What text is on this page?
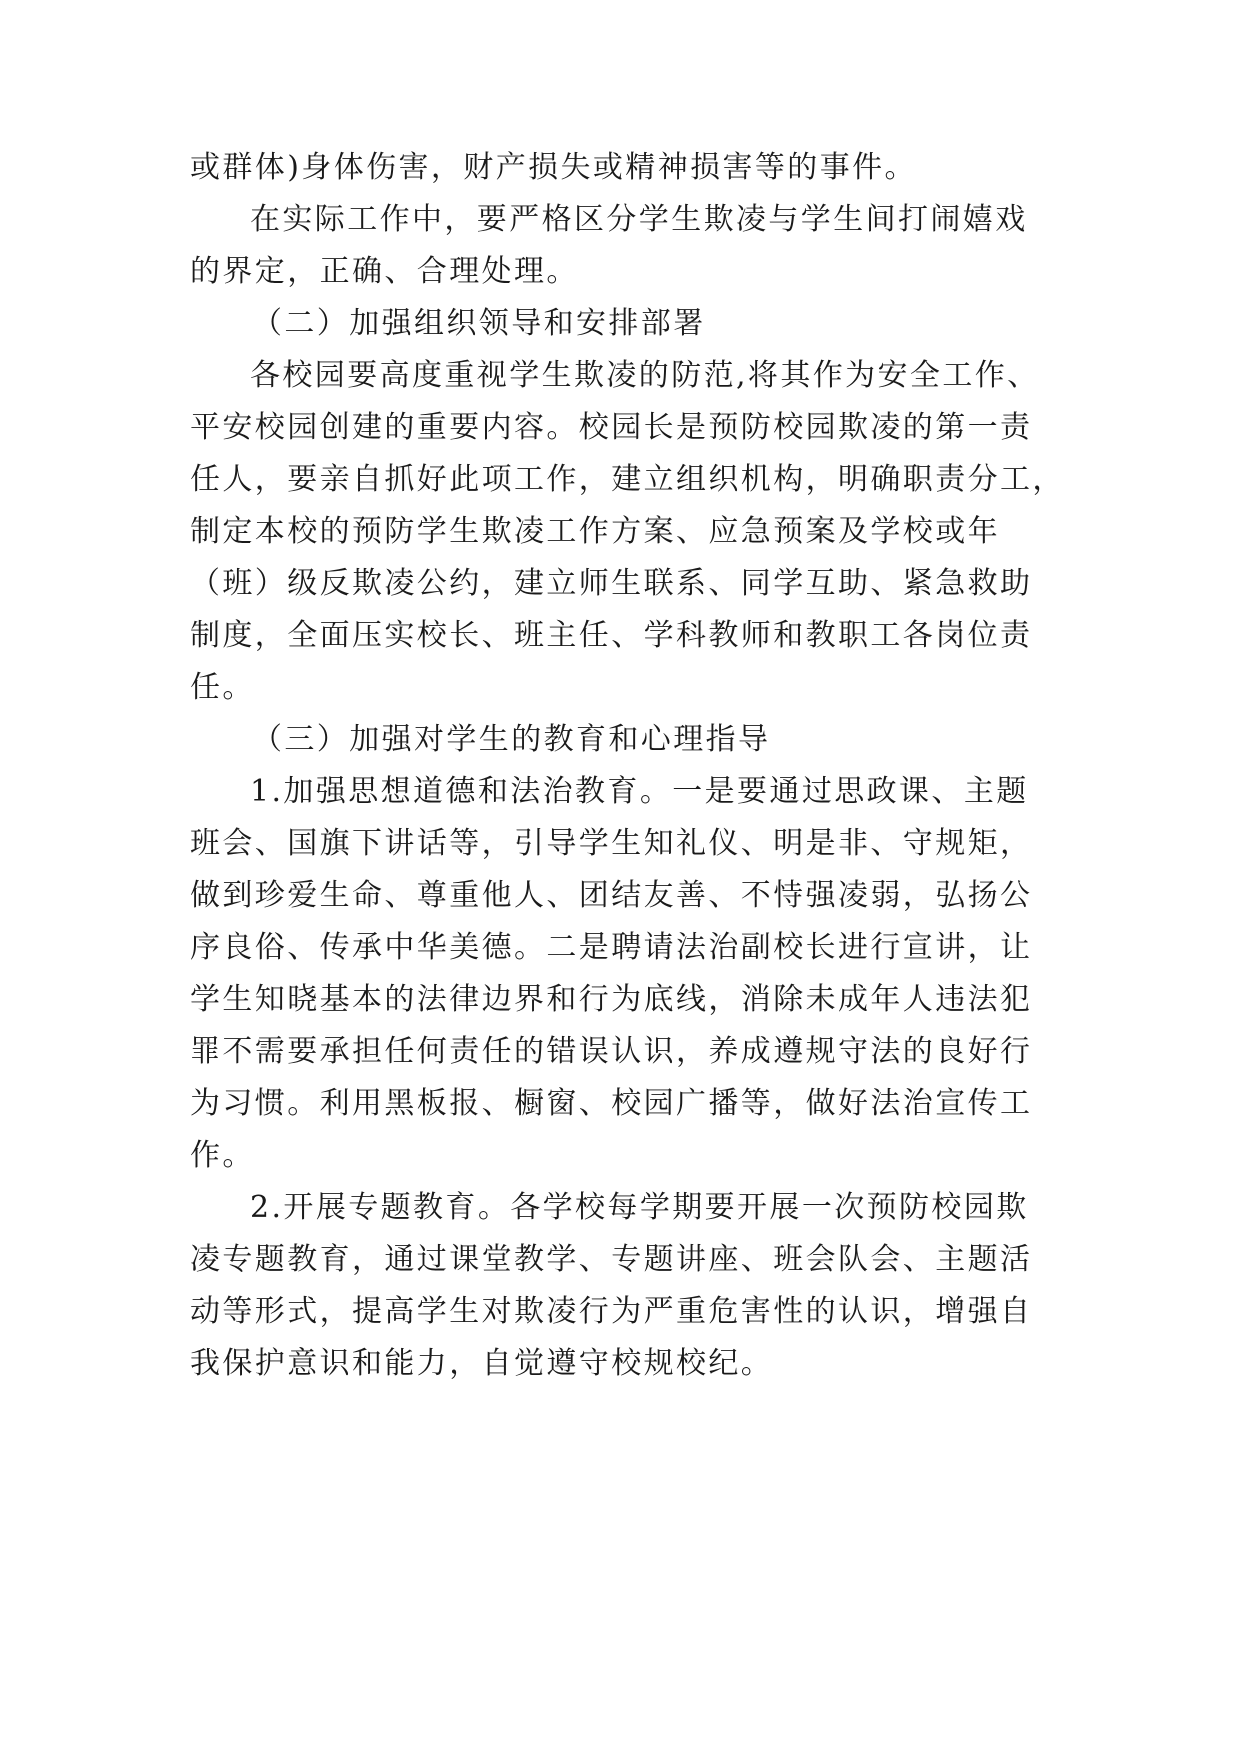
或群体)身体伤害，财产损失或精神损害等的事件。
在实际工作中，要严格区分学生欺凌与学生间打闹嬉戏
的界定，正确、合理处理。
（二）加强组织领导和安排部署
各校园要高度重视学生欺凌的防范,将其作为安全工作、
平安校园创建的重要内容。校园长是预防校园欺凌的第一责
任人，要亲自抓好此项工作，建立组织机构，明确职责分工，
制定本校的预防学生欺凌工作方案、应急预案及学校或年
（班）级反欺凌公约，建立师生联系、同学互助、紧急救助
制度，全面压实校长、班主任、学科教师和教职工各岗位责
任。
（三）加强对学生的教育和心理指导
1.加强思想道德和法治教育。一是要通过思政课、主题
班会、国旗下讲话等，引导学生知礼仪、明是非、守规矩，
做到珍爱生命、尊重他人、团结友善、不恃强凌弱，弘扬公
序良俗、传承中华美德。二是聘请法治副校长进行宣讲，让
学生知晓基本的法律边界和行为底线，消除未成年人违法犯
罪不需要承担任何责任的错误认识，养成遵规守法的良好行
为习惯。利用黑板报、橱窗、校园广播等，做好法治宣传工
作。
2.开展专题教育。各学校每学期要开展一次预防校园欺
凌专题教育，通过课堂教学、专题讲座、班会队会、主题活
动等形式，提高学生对欺凌行为严重危害性的认识，增强自
我保护意识和能力，自觉遵守校规校纪。
